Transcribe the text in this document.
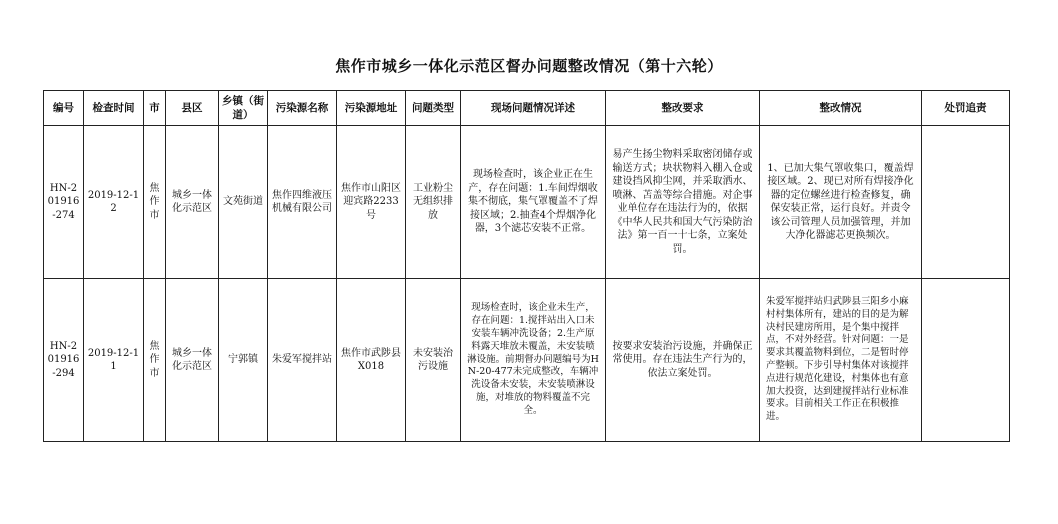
焦作市城乡一体化示范区督办问题整改情况（第十六轮）
编号	检查时间	市	县区	乡镇（街道）	污染源名称	污染源地址	问题类型	现场问题情况详述	整改要求	整改情况	处罚追责
HN-201916-274	2019-12-12	焦作市	城乡一体化示范区	文苑街道	焦作四维液压机械有限公司	焦作市山阳区迎宾路2233号	工业粉尘无组织排放	现场检查时，该企业正在生产，存在问题：1.车间焊烟收集不彻底，集气罩覆盖不了焊接区域；2.抽查4个焊烟净化器，3个滤芯安装不正常。	易产生扬尘物料采取密闭储存或输送方式；块状物料入棚入仓或建设挡风抑尘网，并采取洒水、喷淋、苫盖等综合措施。对企事业单位存在违法行为的，依据《中华人民共和国大气污染防治法》第一百一十七条，立案处罚。	1、已加大集气罩收集口，覆盖焊接区域。2、现已对所有焊接净化器的定位螺丝进行检查修复，确保安装正常，运行良好。并责令该公司管理人员加强管理，并加大净化器滤芯更换频次。	
HN-201916-294	2019-12-11	焦作市	城乡一体化示范区	宁郭镇	朱爱军搅拌站	焦作市武陟县X018	未安装治污设施	现场检查时，该企业未生产，存在问题：1.搅拌站出入口未安装车辆冲洗设备；2.生产原料露天堆放未覆盖，未安装喷淋设施。前期督办问题编号为HN-20-477未完成整改，车辆冲洗设备未安装，未安装喷淋设施，对堆放的物料覆盖不完全。	按要求安装治污设施，并确保正常使用。存在违法生产行为的，依法立案处罚。	朱爱军搅拌站归武陟县三阳乡小麻村村集体所有，建站的目的是为解决村民建房所用，是个集中搅拌点，不对外经营。针对问题：一是要求其覆盖物料到位，二是暂时停产整顿。下步引导村集体对该搅拌点进行规范化建设，村集体也有意加大投资，达到建搅拌站行业标准要求。目前相关工作正在积极推进。	
